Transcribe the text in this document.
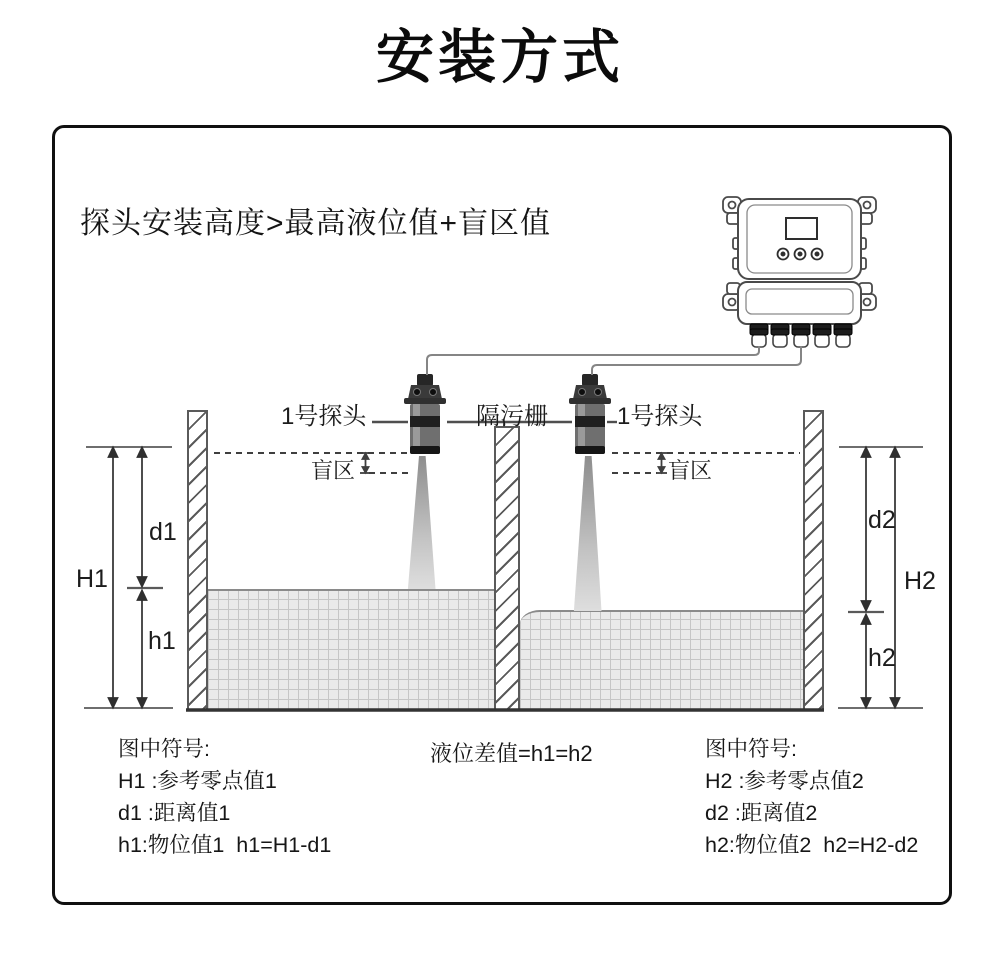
安装方式
探头安装高度>最高液位值+盲区值
1号探头	隔污栅	1号探头
盲区	盲区
H1
d1
h1
d2
H2
h2
图中符号:
H1 :参考零点值1
d1 :距离值1
h1:物位值1  h1=H1-d1
液位差值=h1=h2	图中符号:
H2 :参考零点值2
d2 :距离值2
h2:物位值2  h2=H2-d2
